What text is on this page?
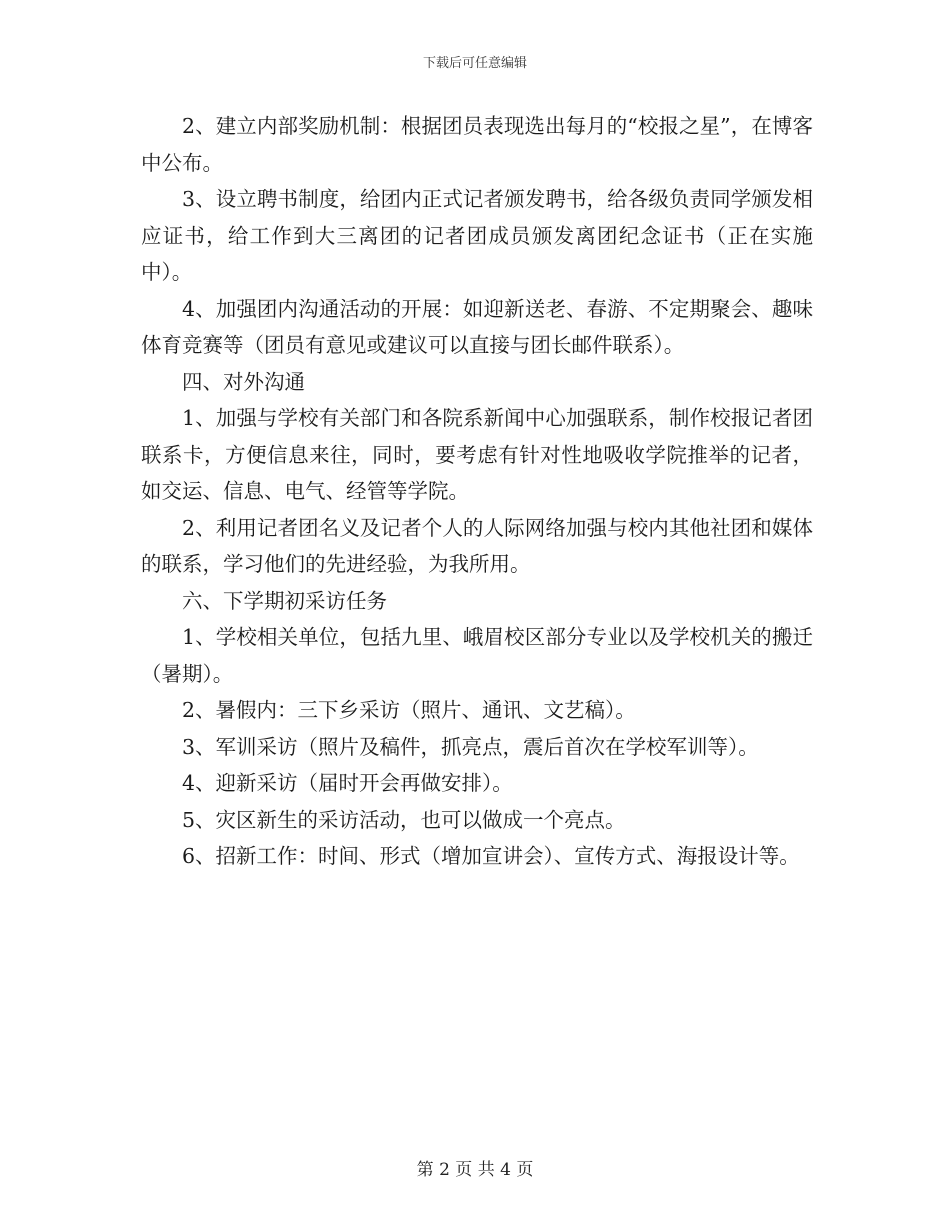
下载后可任意编辑

2、建立内部奖励机制：根据团员表现选出每月的“校报之星”，在博客中公布。

3、设立聘书制度，给团内正式记者颁发聘书，给各级负责同学颁发相应证书，给工作到大三离团的记者团成员颁发离团纪念证书（正在实施中）。

4、加强团内沟通活动的开展：如迎新送老、春游、不定期聚会、趣味体育竞赛等（团员有意见或建议可以直接与团长邮件联系）。

四、对外沟通

1、加强与学校有关部门和各院系新闻中心加强联系，制作校报记者团联系卡，方便信息来往，同时，要考虑有针对性地吸收学院推举的记者，如交运、信息、电气、经管等学院。

2、利用记者团名义及记者个人的人际网络加强与校内其他社团和媒体的联系，学习他们的先进经验，为我所用。

六、下学期初采访任务

1、学校相关单位，包括九里、峨眉校区部分专业以及学校机关的搬迁（暑期）。

2、暑假内：三下乡采访（照片、通讯、文艺稿）。

3、军训采访（照片及稿件，抓亮点，震后首次在学校军训等）。

4、迎新采访（届时开会再做安排）。

5、灾区新生的采访活动，也可以做成一个亮点。

6、招新工作：时间、形式（增加宣讲会）、宣传方式、海报设计等。

第 2 页 共 4 页
